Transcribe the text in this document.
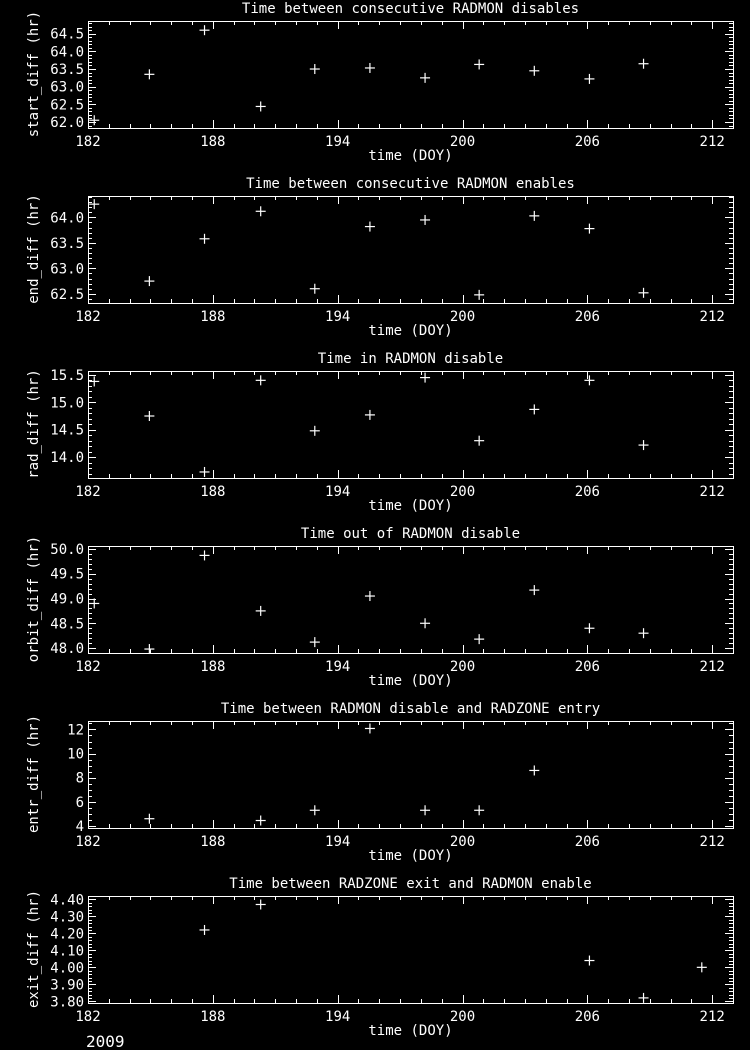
182	188	194	200	206	212
62.0
62.5
63.0
63.5
64.0
64.5
Time between consecutive RADMON disables
start_diff (hr)
time (DOY)
182	188	194	200	206	212
62.5
63.0
63.5
64.0
Time between consecutive RADMON enables
end_diff (hr)
time (DOY)
182	188	194	200	206	212
14.0
14.5
15.0
15.5
Time in RADMON disable
rad_diff (hr)
time (DOY)
182	188	194	200	206	212
48.0
48.5
49.0
49.5
50.0
Time out of RADMON disable
orbit_diff (hr)
time (DOY)
182	188	194	200	206	212
4
6
8
10
12
Time between RADMON disable and RADZONE entry
entr_diff (hr)
time (DOY)
182	188	194	200	206	212
3.80
3.90
4.00
4.10
4.20
4.30
4.40
Time between RADZONE exit and RADMON enable
exit_diff (hr)
time (DOY)
2009
